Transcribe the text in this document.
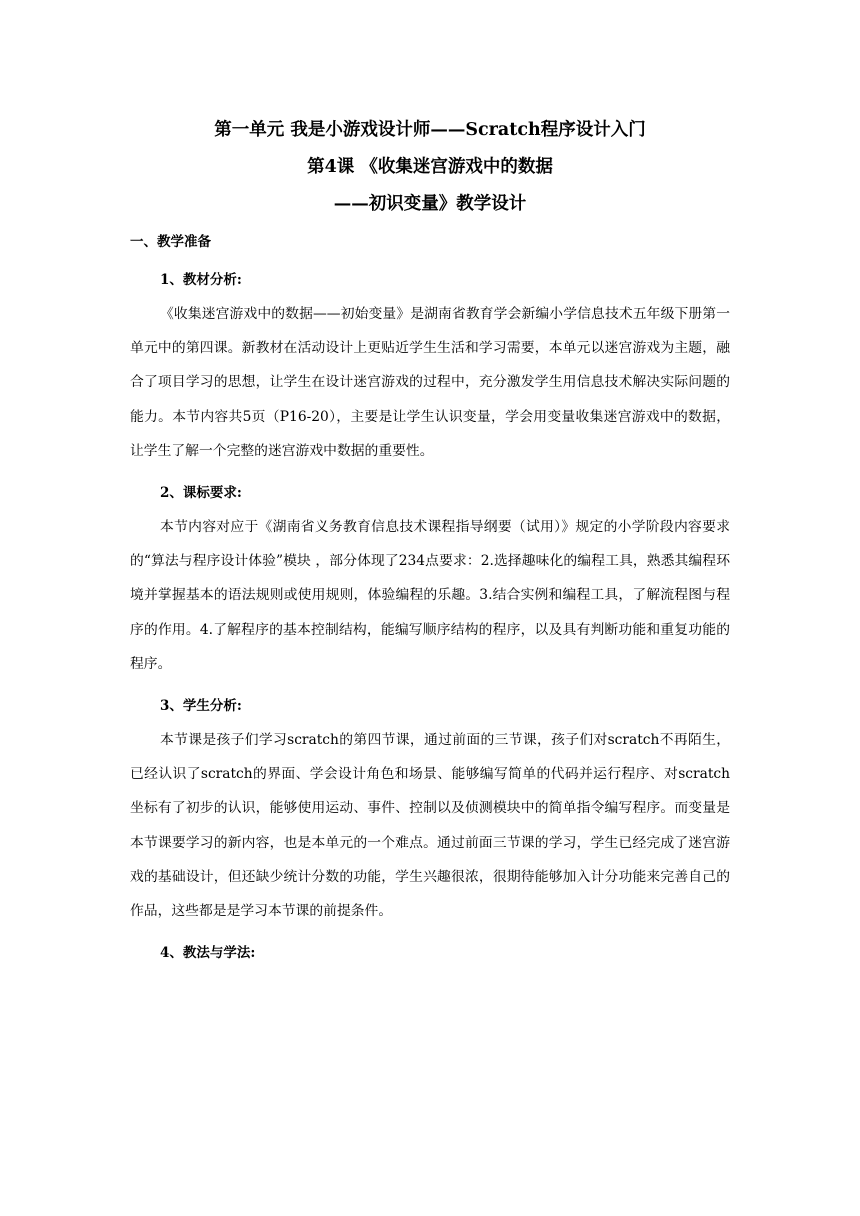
第一单元 我是小游戏设计师——Scratch程序设计入门
第4课 《收集迷宫游戏中的数据
——初识变量》教学设计
一、教学准备
1、教材分析:

《收集迷宫游戏中的数据——初始变量》是湖南省教育学会新编小学信息技术五年级下册第一单元中的第四课。新教材在活动设计上更贴近学生生活和学习需要，本单元以迷宫游戏为主题，融合了项目学习的思想，让学生在设计迷宫游戏的过程中，充分激发学生用信息技术解决实际问题的能力。本节内容共5页（P16-20），主要是让学生认识变量，学会用变量收集迷宫游戏中的数据，让学生了解一个完整的迷宫游戏中数据的重要性。

2、课标要求:

本节内容对应于《湖南省义务教育信息技术课程指导纲要（试用）》规定的小学阶段内容要求的“算法与程序设计体验”模块 ，部分体现了234点要求：2.选择趣味化的编程工具，熟悉其编程环境并掌握基本的语法规则或使用规则，体验编程的乐趣。3.结合实例和编程工具，了解流程图与程序的作用。4.了解程序的基本控制结构，能编写顺序结构的程序，以及具有判断功能和重复功能的程序。

3、学生分析:

本节课是孩子们学习scratch的第四节课，通过前面的三节课，孩子们对scratch不再陌生，已经认识了scratch的界面、学会设计角色和场景、能够编写简单的代码并运行程序、对scratch坐标有了初步的认识，能够使用运动、事件、控制以及侦测模块中的简单指令编写程序。而变量是本节课要学习的新内容，也是本单元的一个难点。通过前面三节课的学习，学生已经完成了迷宫游戏的基础设计，但还缺少统计分数的功能，学生兴趣很浓，很期待能够加入计分功能来完善自己的作品，这些都是是学习本节课的前提条件。

4、教法与学法:
